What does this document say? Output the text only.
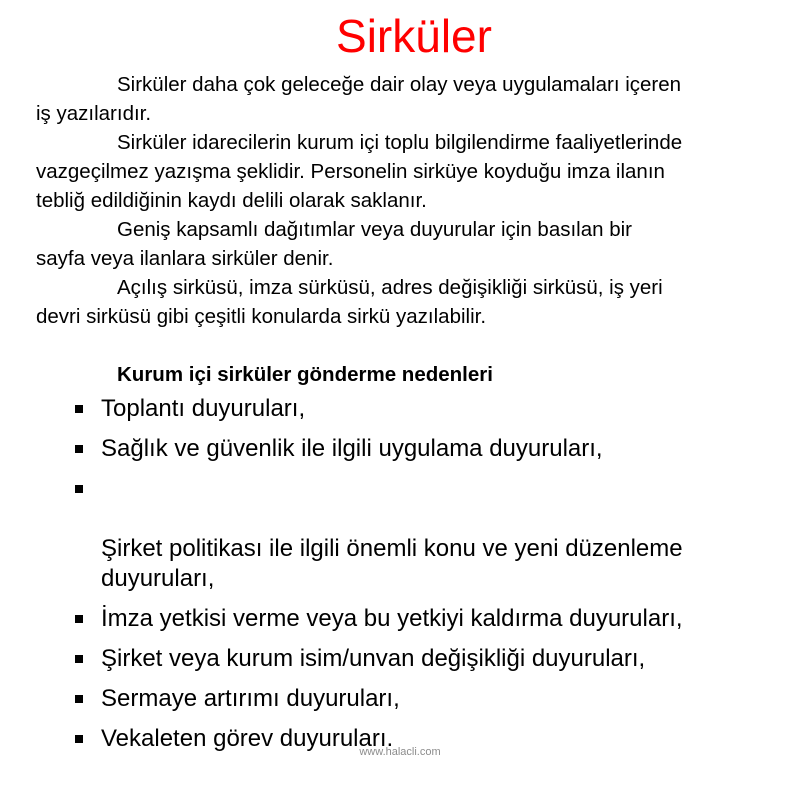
Sirküler

Sirküler daha çok geleceğe dair olay veya uygulamaları içeren
iş yazılarıdır.

Sirküler idarecilerin kurum içi toplu bilgilendirme faaliyetlerinde
vazgeçilmez yazışma şeklidir. Personelin sirküye koyduğu imza ilanın
tebliğ edildiğinin kaydı delili olarak saklanır.

Geniş kapsamlı dağıtımlar veya duyurular için basılan bir
sayfa veya ilanlara sirküler denir.

Açılış sirküsü, imza sürküsü, adres değişikliği sirküsü, iş yeri
devri sirküsü gibi çeşitli konularda sirkü yazılabilir.

Kurum içi sirküler gönderme nedenleri

Toplantı duyuruları,
Sağlık ve güvenlik ile ilgili uygulama duyuruları,

Şirket politikası ile ilgili önemli konu ve yeni düzenleme
duyuruları,

İmza yetkisi verme veya bu yetkiyi kaldırma duyuruları,
Şirket veya kurum isim/unvan değişikliği duyuruları,
Sermaye artırımı duyuruları,
Vekaleten görev duyuruları.
www.halacli.com
